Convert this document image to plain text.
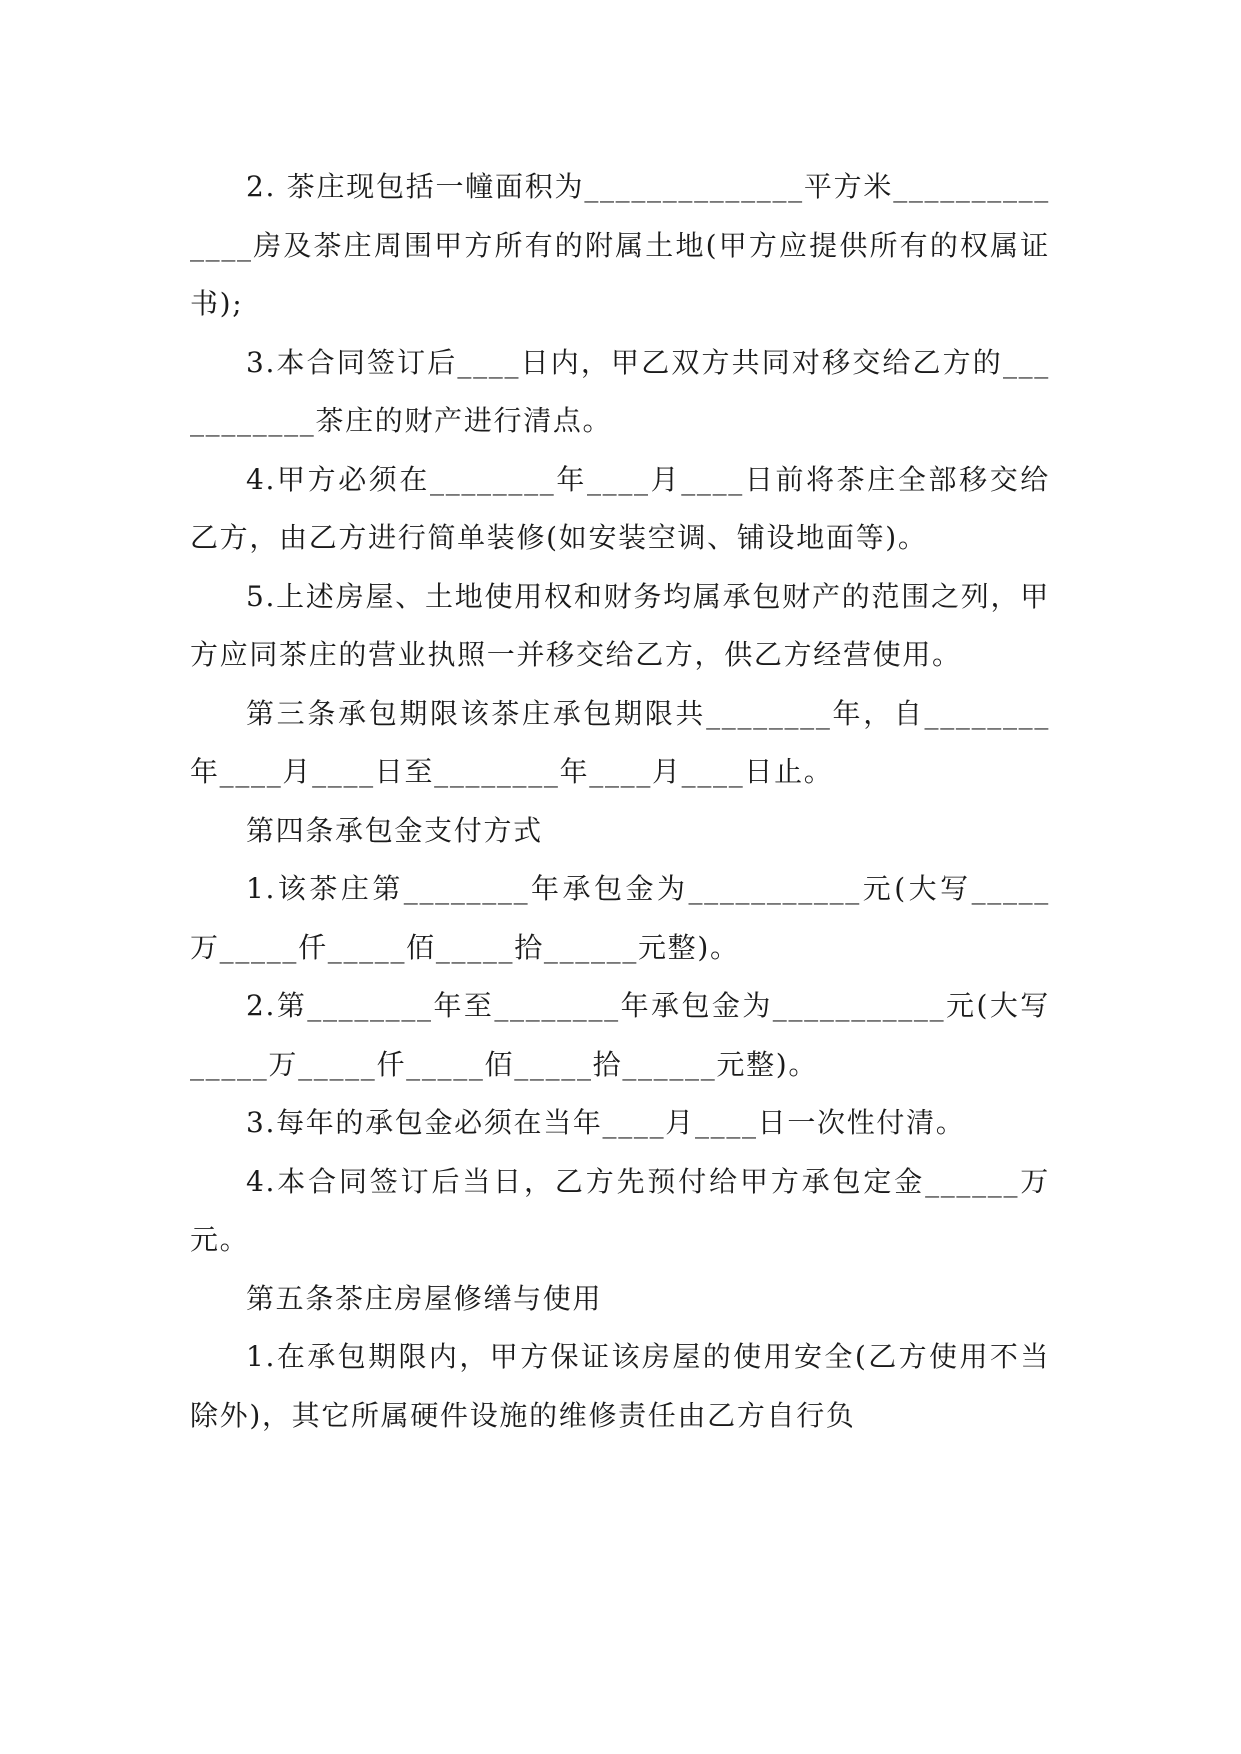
2. 茶庄现包括一幢面积为______________平方米______________房及茶庄周围甲方所有的附属土地(甲方应提供所有的权属证书);

3.本合同签订后____日内，甲乙双方共同对移交给乙方的___________茶庄的财产进行清点。

4.甲方必须在________年____月____日前将茶庄全部移交给乙方，由乙方进行简单装修(如安装空调、铺设地面等)。

5.上述房屋、土地使用权和财务均属承包财产的范围之列，甲方应同茶庄的营业执照一并移交给乙方，供乙方经营使用。

第三条承包期限该茶庄承包期限共________年，自________年____月____日至________年____月____日止。

第四条承包金支付方式

1.该茶庄第________年承包金为___________元(大写_____万_____仟_____佰_____拾______元整)。

2.第________年至________年承包金为___________元(大写_____万_____仟_____佰_____拾______元整)。

3.每年的承包金必须在当年____月____日一次性付清。

4.本合同签订后当日，乙方先预付给甲方承包定金______万元。

第五条茶庄房屋修缮与使用

1.在承包期限内，甲方保证该房屋的使用安全(乙方使用不当除外)，其它所属硬件设施的维修责任由乙方自行负
